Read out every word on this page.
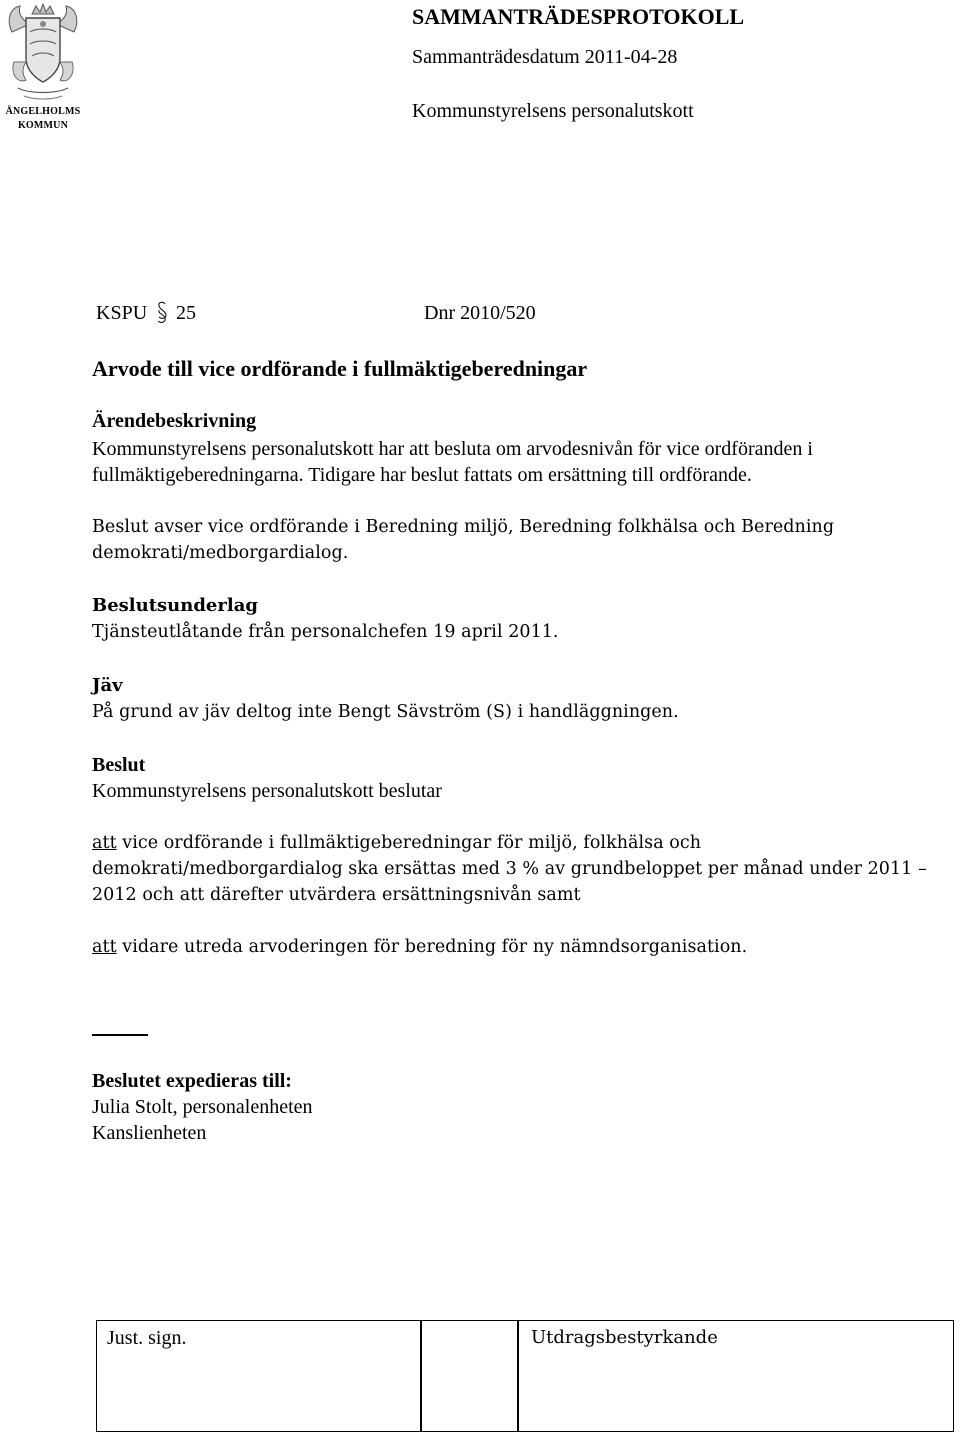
ÄNGELHOLMS
KOMMUN
SAMMANTRÄDESPROTOKOLL
Sammanträdesdatum 2011-04-28
Kommunstyrelsens personalutskott
KSPU 25	Dnr 2010/520
Arvode till vice ordförande i fullmäktigeberedningar
Ärendebeskrivning
Kommunstyrelsens personalutskott har att besluta om arvodesnivån för vice ordföranden i
fullmäktigeberedningarna. Tidigare har beslut fattats om ersättning till ordförande.
Beslut avser vice ordförande i Beredning miljö, Beredning folkhälsa och Beredning
demokrati/medborgardialog.
Beslutsunderlag
Tjänsteutlåtande från personalchefen 19 april 2011.
Jäv
På grund av jäv deltog inte Bengt Sävström (S) i handläggningen.
Beslut
Kommunstyrelsens personalutskott beslutar
att vice ordförande i fullmäktigeberedningar för miljö, folkhälsa och
demokrati/medborgardialog ska ersättas med 3 % av grundbeloppet per månad under 2011 –
2012 och att därefter utvärdera ersättningsnivån samt
att vidare utreda arvoderingen för beredning för ny nämndsorganisation.
Beslutet expedieras till:
Julia Stolt, personalenheten
Kanslienheten
Just. sign.	Utdragsbestyrkande
